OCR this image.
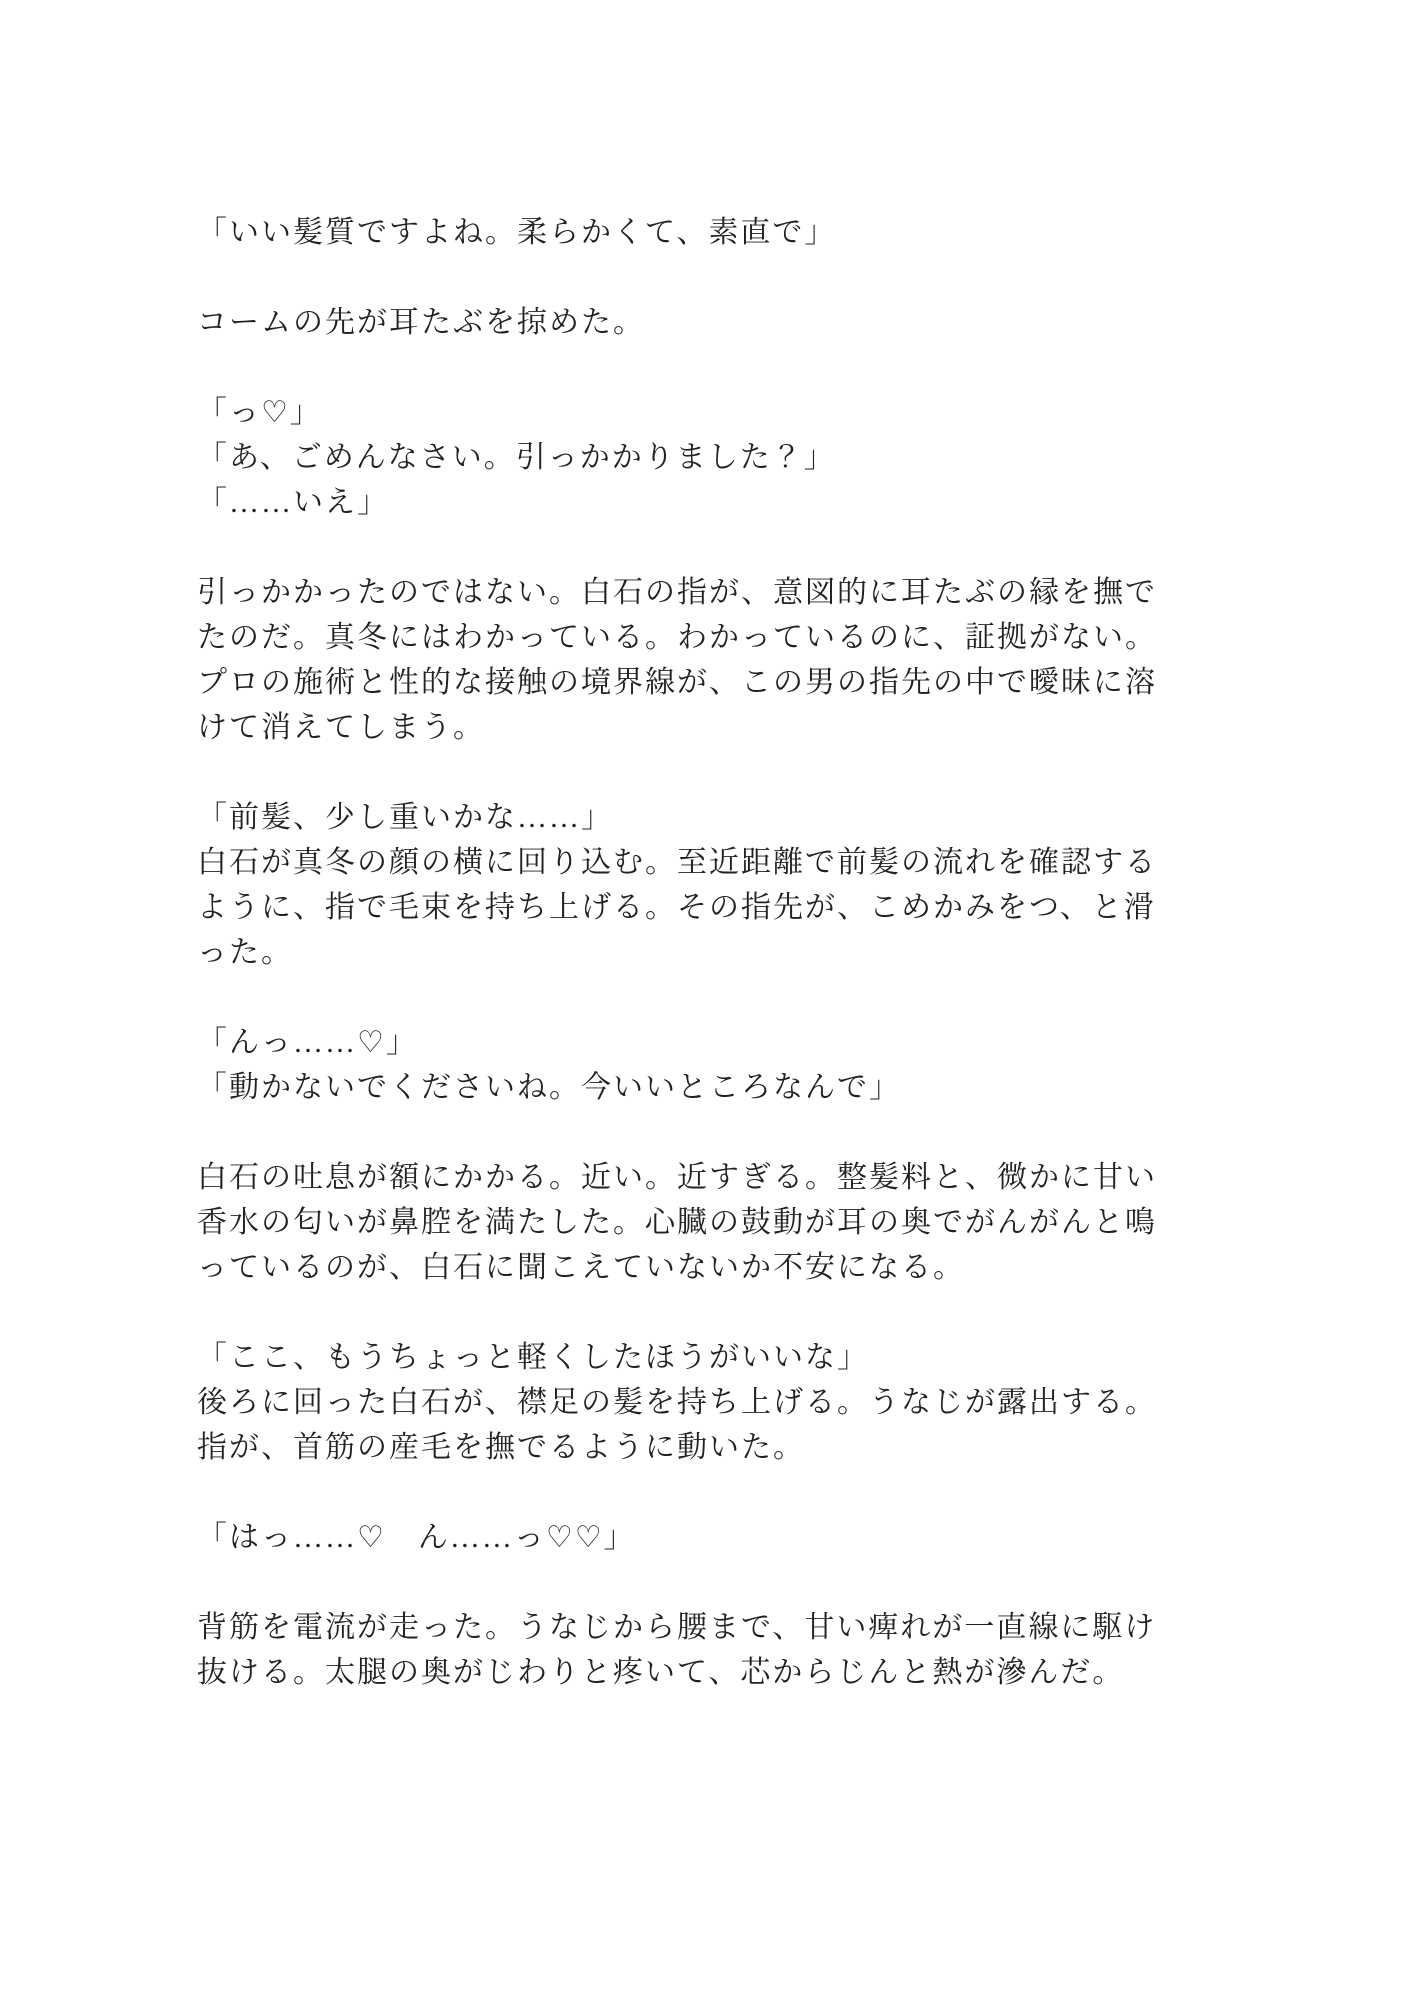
「いい髪質ですよね。柔らかくて、素直で」

コームの先が耳たぶを掠めた。

「っ♡」
「あ、ごめんなさい。引っかかりました？」
「……いえ」

引っかかったのではない。白石の指が、意図的に耳たぶの縁を撫で
たのだ。真冬にはわかっている。わかっているのに、証拠がない。
プロの施術と性的な接触の境界線が、この男の指先の中で曖昧に溶
けて消えてしまう。

「前髪、少し重いかな……」
白石が真冬の顔の横に回り込む。至近距離で前髪の流れを確認する
ように、指で毛束を持ち上げる。その指先が、こめかみをつ、と滑
った。

「んっ……♡」
「動かないでくださいね。今いいところなんで」

白石の吐息が額にかかる。近い。近すぎる。整髪料と、微かに甘い
香水の匂いが鼻腔を満たした。心臓の鼓動が耳の奥でがんがんと鳴
っているのが、白石に聞こえていないか不安になる。

「ここ、もうちょっと軽くしたほうがいいな」
後ろに回った白石が、襟足の髪を持ち上げる。うなじが露出する。
指が、首筋の産毛を撫でるように動いた。

「はっ……♡　ん……っ♡♡」

背筋を電流が走った。うなじから腰まで、甘い痺れが一直線に駆け
抜ける。太腿の奥がじわりと疼いて、芯からじんと熱が滲んだ。
